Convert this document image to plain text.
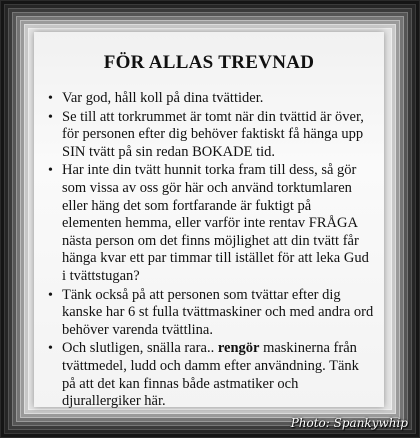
FÖR ALLAS TREVNAD
• Var god, håll koll på dina tvättider.
• Se till att torkrummet är tomt när din tvättid är över, för personen efter dig behöver faktiskt få hänga upp SIN tvätt på sin redan BOKADE tid.
• Har inte din tvätt hunnit torka fram till dess, så gör som vissa av oss gör här och använd torktumlaren eller häng det som fortfarande är fuktigt på elementen hemma, eller varför inte rentav FRÅGA nästa person om det finns möjlighet att din tvätt får hänga kvar ett par timmar till istället för att leka Gud i tvättstugan?
• Tänk också på att personen som tvättar efter dig kanske har 6 st fulla tvättmaskiner och med andra ord behöver varenda tvättlina.
• Och slutligen, snälla rara.. rengör maskinerna från tvättmedel, ludd och damm efter användning. Tänk på att det kan finnas både astmatiker och djurallergiker här.
Photo: Spankywhip
